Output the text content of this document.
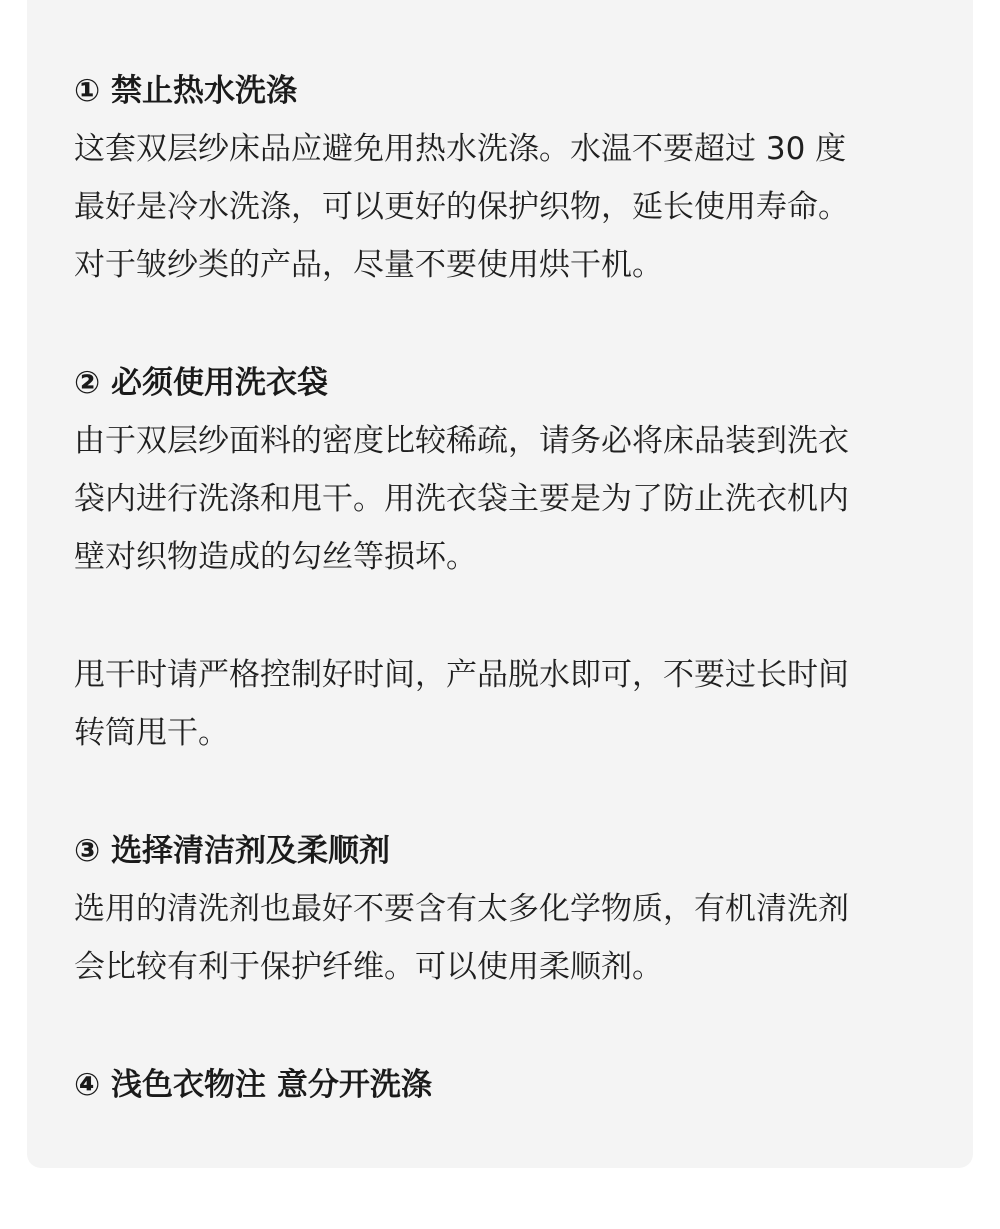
① 禁止热水洗涤

这套双层纱床品应避免用热水洗涤。水温不要超过 30 度
最好是冷水洗涤，可以更好的保护织物，延长使用寿命。
对于皱纱类的产品，尽量不要使用烘干机。

② 必须使用洗衣袋

由于双层纱面料的密度比较稀疏，请务必将床品装到洗衣
袋内进行洗涤和甩干。用洗衣袋主要是为了防止洗衣机内
壁对织物造成的勾丝等损坏。

甩干时请严格控制好时间，产品脱水即可，不要过长时间
转筒甩干。

③ 选择清洁剂及柔顺剂

选用的清洗剂也最好不要含有太多化学物质，有机清洗剂
会比较有利于保护纤维。可以使用柔顺剂。

④ 浅色衣物注 意分开洗涤
